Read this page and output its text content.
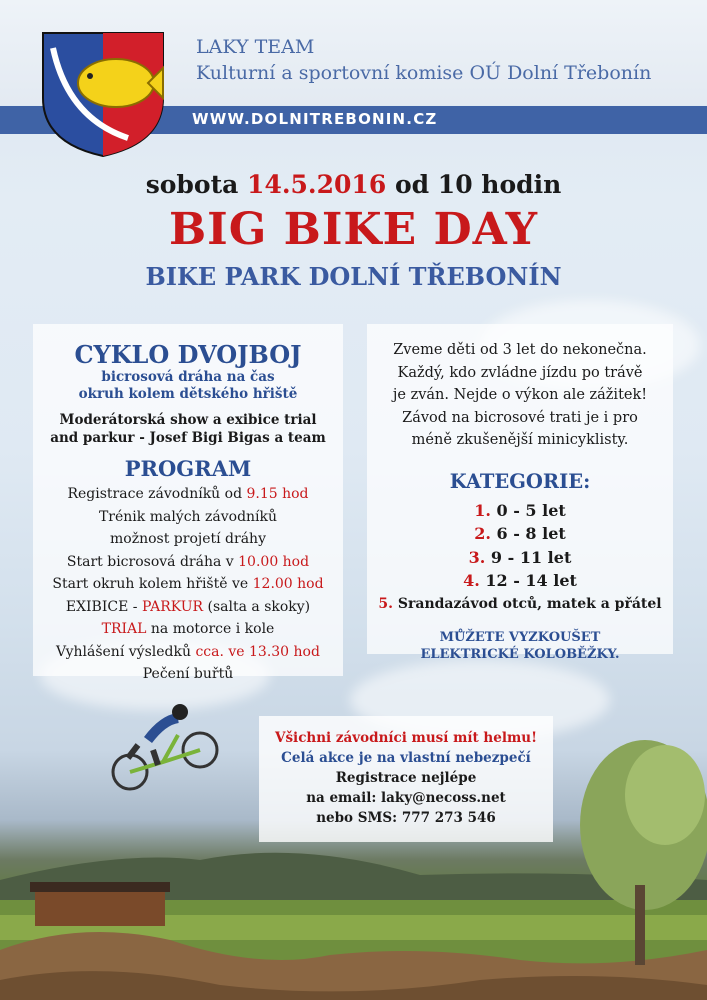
LAKY TEAM
Kulturní a sportovní komise OÚ Dolní Třebonín
WWW.DOLNITREBONIN.CZ
sobota 14.5.2016 od 10 hodin
BIG BIKE DAY
BIKE PARK DOLNÍ TŘEBONÍN
CYKLO DVOJBOJ
bicrosová dráha na čas
okruh kolem dětského hřiště
Moderátorská show a exibice trial
and parkur - Josef Bigi Bigas a team
PROGRAM
Registrace závodníků od 9.15 hod
Trénik malých závodníků
možnost projetí dráhy
Start bicrosová dráha v 10.00 hod
Start okruh kolem hřiště ve 12.00 hod
EXIBICE - PARKUR (salta a skoky)
TRIAL na motorce i kole
Vyhlášení výsledků cca. ve 13.30 hod
Pečení buřtů
Zveme děti od 3 let do nekonečna.
Každý, kdo zvládne jízdu po trávě
je zván. Nejde o výkon ale zážitek!
Závod na bicrosové trati je i pro
méně zkušenější minicyklisty.
KATEGORIE:
1. 0 - 5 let
2. 6 - 8 let
3. 9 - 11 let
4. 12 - 14 let
5. Srandazávod otců, matek a přátel
MŮŽETE VYZKOUŠET
ELEKTRICKÉ KOLOBĚŽKY.
Všichni závodníci musí mít helmu!
Celá akce je na vlastní nebezpečí
Registrace nejlépe
na email: laky@necoss.net
nebo SMS: 777 273 546
